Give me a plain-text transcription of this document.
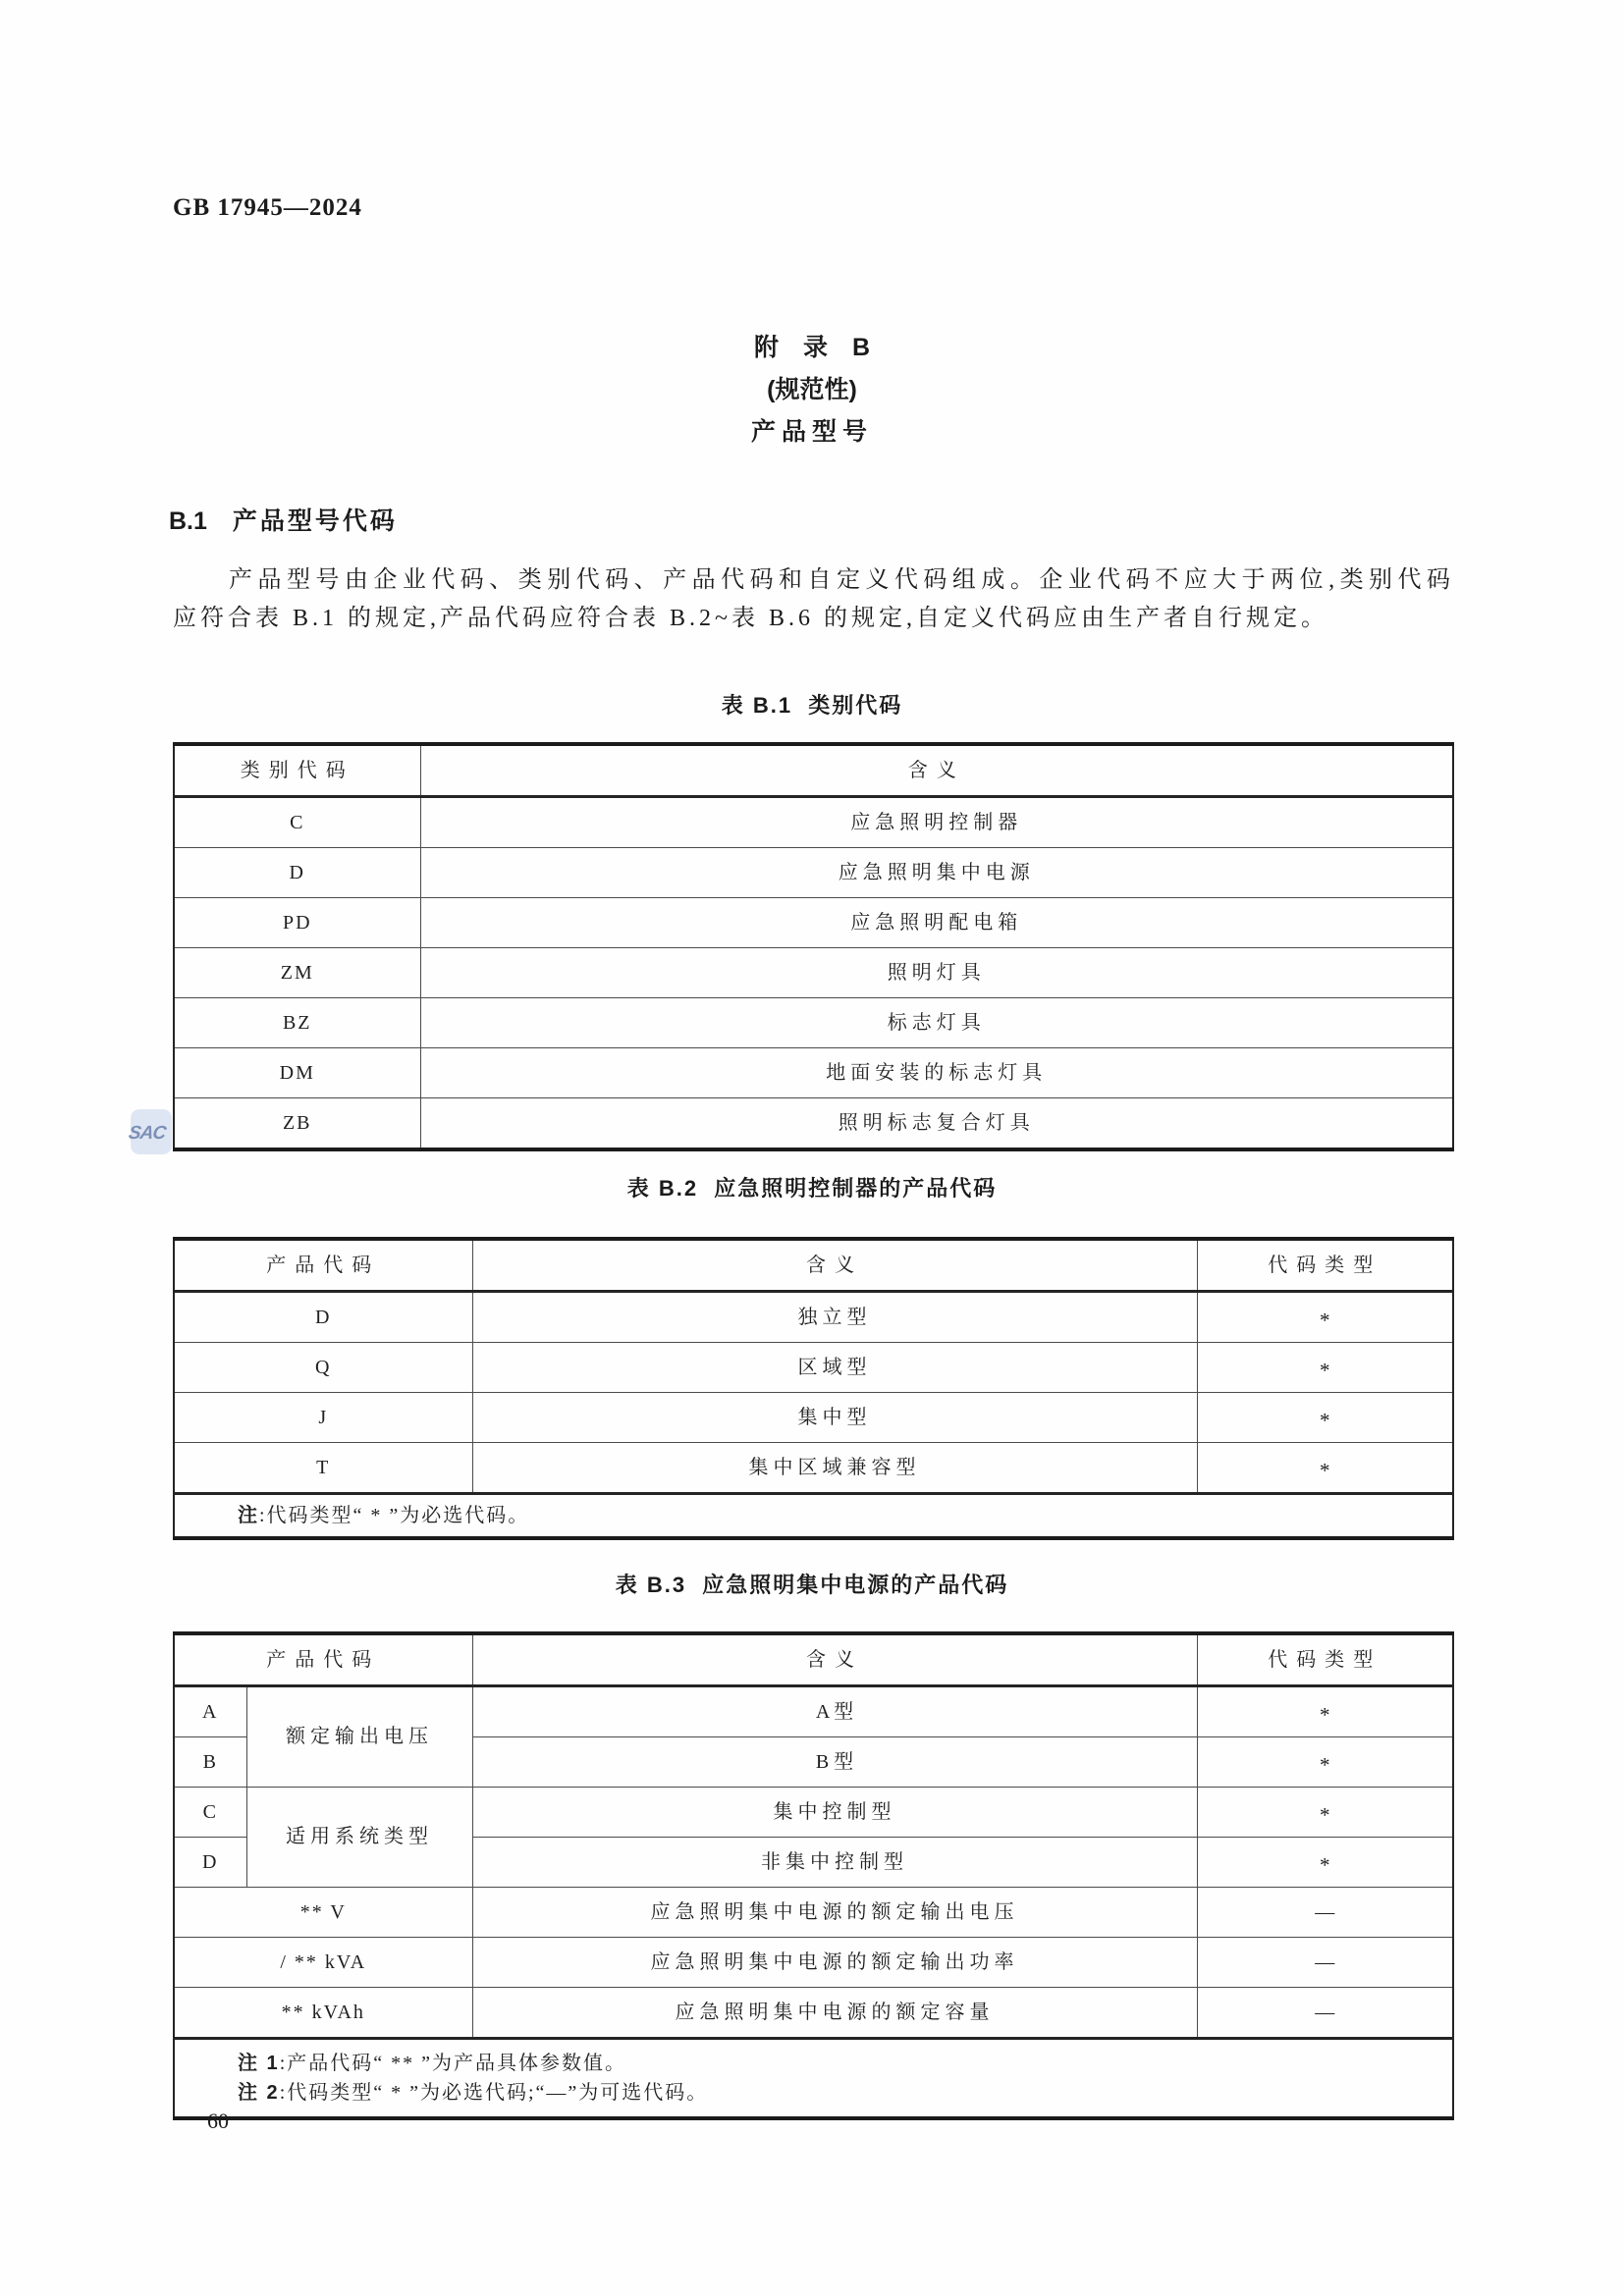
GB 17945—2024
SAC
附　录　B
(规范性)
产品型号
B.1 产品型号代码
产品型号由企业代码、类别代码、产品代码和自定义代码组成。企业代码不应大于两位,类别代码
应符合表 B.1 的规定,产品代码应符合表 B.2~表 B.6 的规定,自定义代码应由生产者自行规定。
表 B.1  类别代码
类别代码	含义
C	应急照明控制器
D	应急照明集中电源
PD	应急照明配电箱
ZM	照明灯具
BZ	标志灯具
DM	地面安装的标志灯具
ZB	照明标志复合灯具
表 B.2  应急照明控制器的产品代码
产品代码	含义	代码类型
D	独立型	*
Q	区域型	*
J	集中型	*
T	集中区域兼容型	*
注:代码类型“ * ”为必选代码。		
表 B.3  应急照明集中电源的产品代码
产品代码		含义	代码类型
A	额定输出电压	A 型	*
B		B 型	*
C	适用系统类型	集中控制型	*
D		非集中控制型	*
** V		应急照明集中电源的额定输出电压	—
/ ** kVA		应急照明集中电源的额定输出功率	—
** kVAh		应急照明集中电源的额定容量	—

注 1:产品代码“ ** ”为产品具体参数值。
注 2:代码类型“ * ”为必选代码;“—”为可选代码。			
60
